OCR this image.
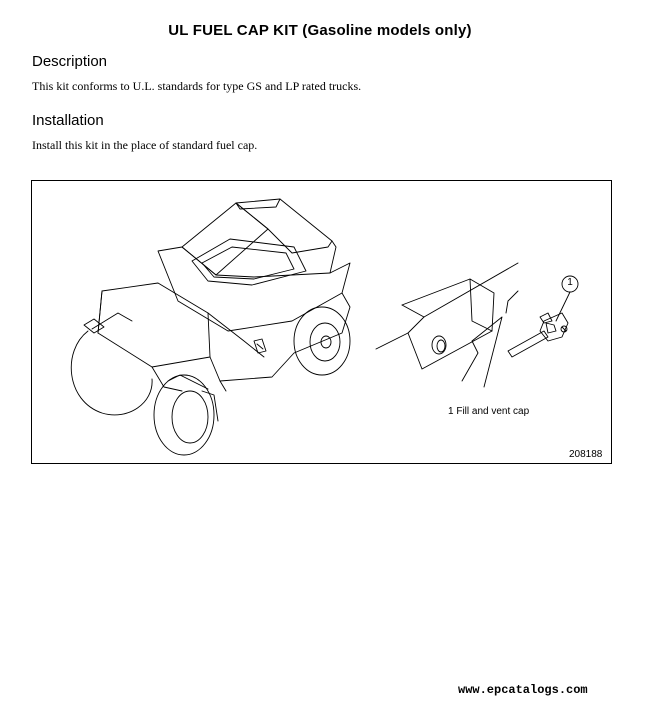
UL FUEL CAP KIT (Gasoline models only)
Description
This kit conforms to U.L. standards for type GS and LP rated trucks.
Installation
Install this kit in the place of standard fuel cap.
1
1 Fill and vent cap
208188
www.epcatalogs.com
